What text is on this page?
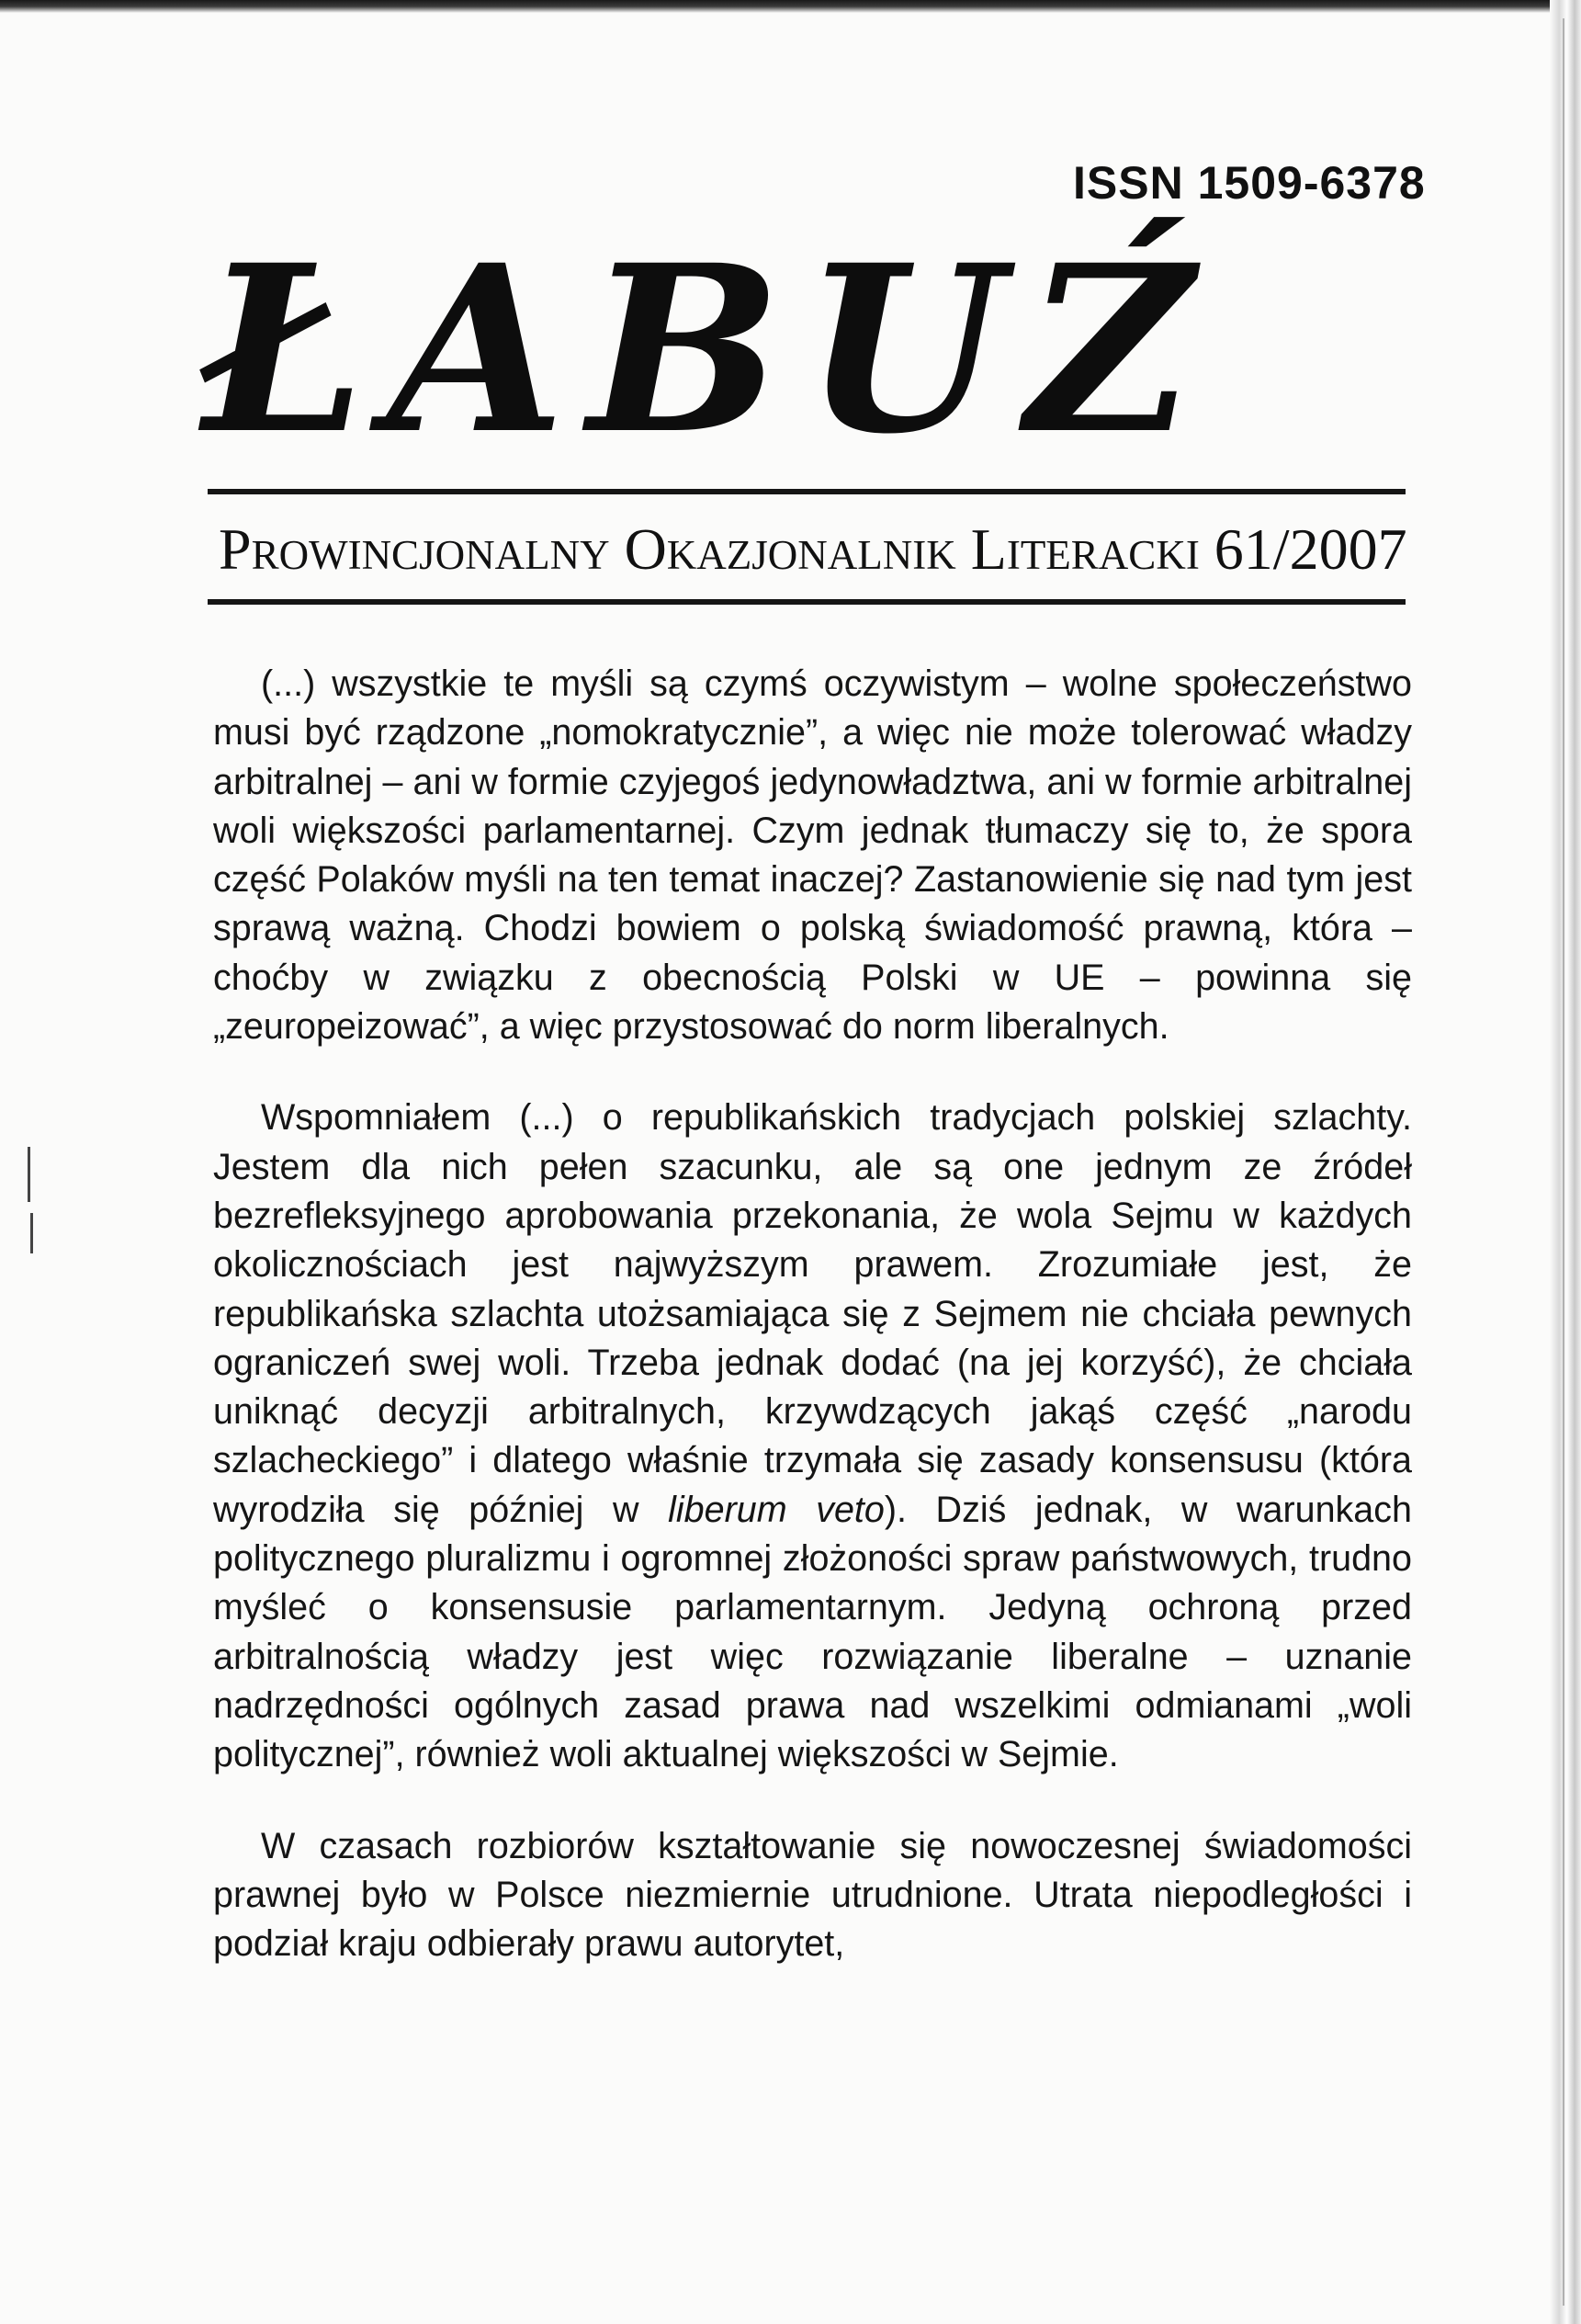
ISSN 1509-6378
ŁABUŹ
Prowincjonalny Okazjonalnik Literacki 61/2007

(...) wszystkie te myśli są czymś oczywistym – wolne społeczeństwo musi być rządzone „nomokratycznie”, a więc nie może tolerować władzy arbitralnej – ani w formie czyjegoś jedynowładztwa, ani w formie arbitralnej woli większości parlamentarnej. Czym jednak tłumaczy się to, że spora część Polaków myśli na ten temat inaczej? Zastanowienie się nad tym jest sprawą ważną. Chodzi bowiem o polską świadomość prawną, która – choćby w związku z obecnością Polski w UE – powinna się „zeuropeizować”, a więc przystosować do norm liberalnych.

Wspomniałem (...) o republikańskich tradycjach polskiej szlachty. Jestem dla nich pełen szacunku, ale są one jednym ze źródeł bezrefleksyjnego aprobowania przekonania, że wola Sejmu w każdych okolicznościach jest najwyższym prawem. Zrozumiałe jest, że republikańska szlachta utożsamiająca się z Sejmem nie chciała pewnych ograniczeń swej woli. Trzeba jednak dodać (na jej korzyść), że chciała uniknąć decyzji arbitralnych, krzywdzących jakąś część „narodu szlacheckiego” i dlatego właśnie trzymała się zasady konsensusu (która wyrodziła się później w liberum veto). Dziś jednak, w warunkach politycznego pluralizmu i ogromnej złożoności spraw państwowych, trudno myśleć o konsensusie parlamentarnym. Jedyną ochroną przed arbitralnością władzy jest więc rozwiązanie liberalne – uznanie nadrzędności ogólnych zasad prawa nad wszelkimi odmianami „woli politycznej”, również woli aktualnej większości w Sejmie.

W czasach rozbiorów kształtowanie się nowoczesnej świadomości prawnej było w Polsce niezmiernie utrudnione. Utrata niepodległości i podział kraju odbierały prawu autorytet,
